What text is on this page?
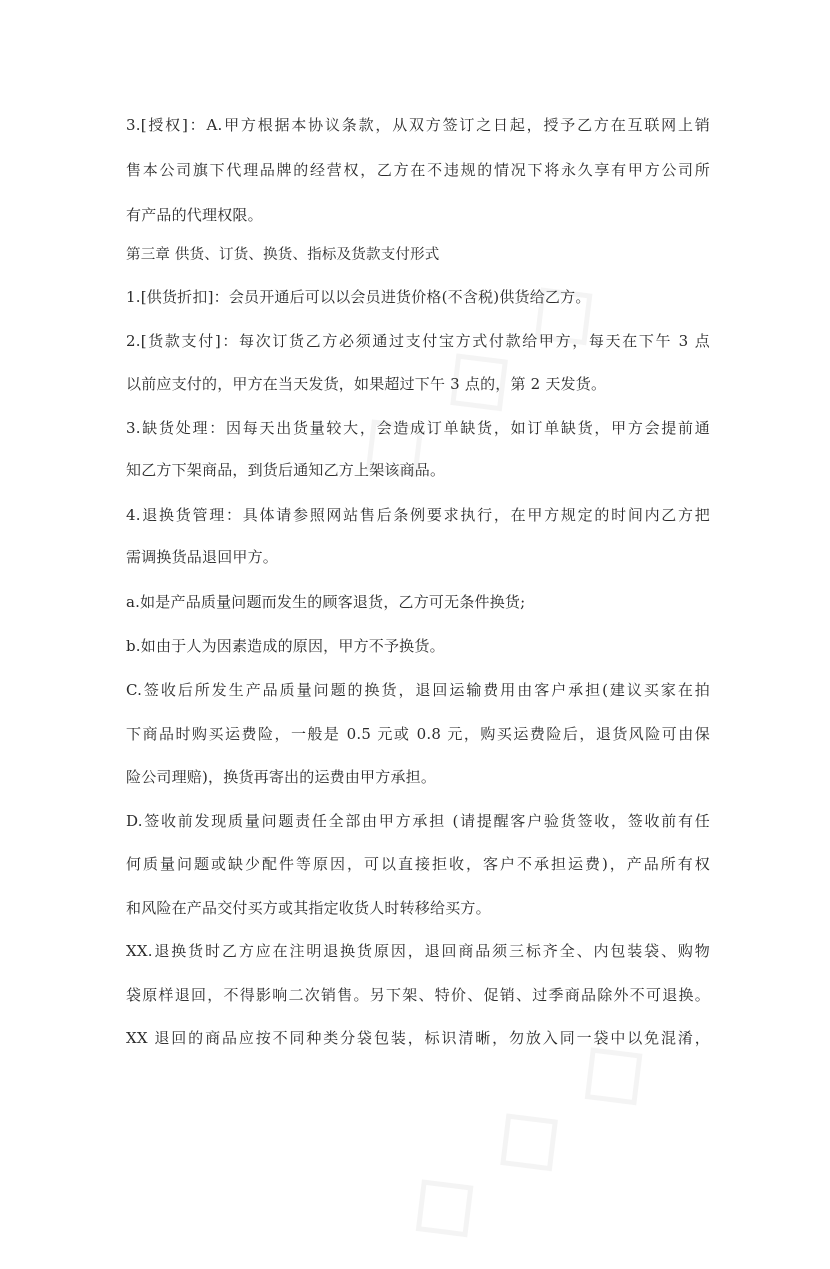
3.[授权]：A.甲方根据本协议条款，从双方签订之日起，授予乙方在互联网上销
售本公司旗下代理品牌的经营权，乙方在不违规的情况下将永久享有甲方公司所
有产品的代理权限。
第三章 供货、订货、换货、指标及货款支付形式
1.[供货折扣]：会员开通后可以以会员进货价格(不含税)供货给乙方。
2.[货款支付]：每次订货乙方必须通过支付宝方式付款给甲方，每天在下午 3 点
以前应支付的，甲方在当天发货，如果超过下午 3 点的，第 2 天发货。
3.缺货处理：因每天出货量较大，会造成订单缺货，如订单缺货，甲方会提前通
知乙方下架商品，到货后通知乙方上架该商品。
4.退换货管理：具体请参照网站售后条例要求执行，在甲方规定的时间内乙方把
需调换货品退回甲方。
a.如是产品质量问题而发生的顾客退货，乙方可无条件换货;
b.如由于人为因素造成的原因，甲方不予换货。
C.签收后所发生产品质量问题的换货，退回运输费用由客户承担(建议买家在拍
下商品时购买运费险，一般是 0.5 元或 0.8 元，购买运费险后，退货风险可由保
险公司理赔)，换货再寄出的运费由甲方承担。
D.签收前发现质量问题责任全部由甲方承担 (请提醒客户验货签收，签收前有任
何质量问题或缺少配件等原因，可以直接拒收，客户不承担运费)，产品所有权
和风险在产品交付买方或其指定收货人时转移给买方。
XX.退换货时乙方应在注明退换货原因，退回商品须三标齐全、内包装袋、购物
袋原样退回，不得影响二次销售。另下架、特价、促销、过季商品除外不可退换。
XX 退回的商品应按不同种类分袋包装，标识清晰，勿放入同一袋中以免混淆，
